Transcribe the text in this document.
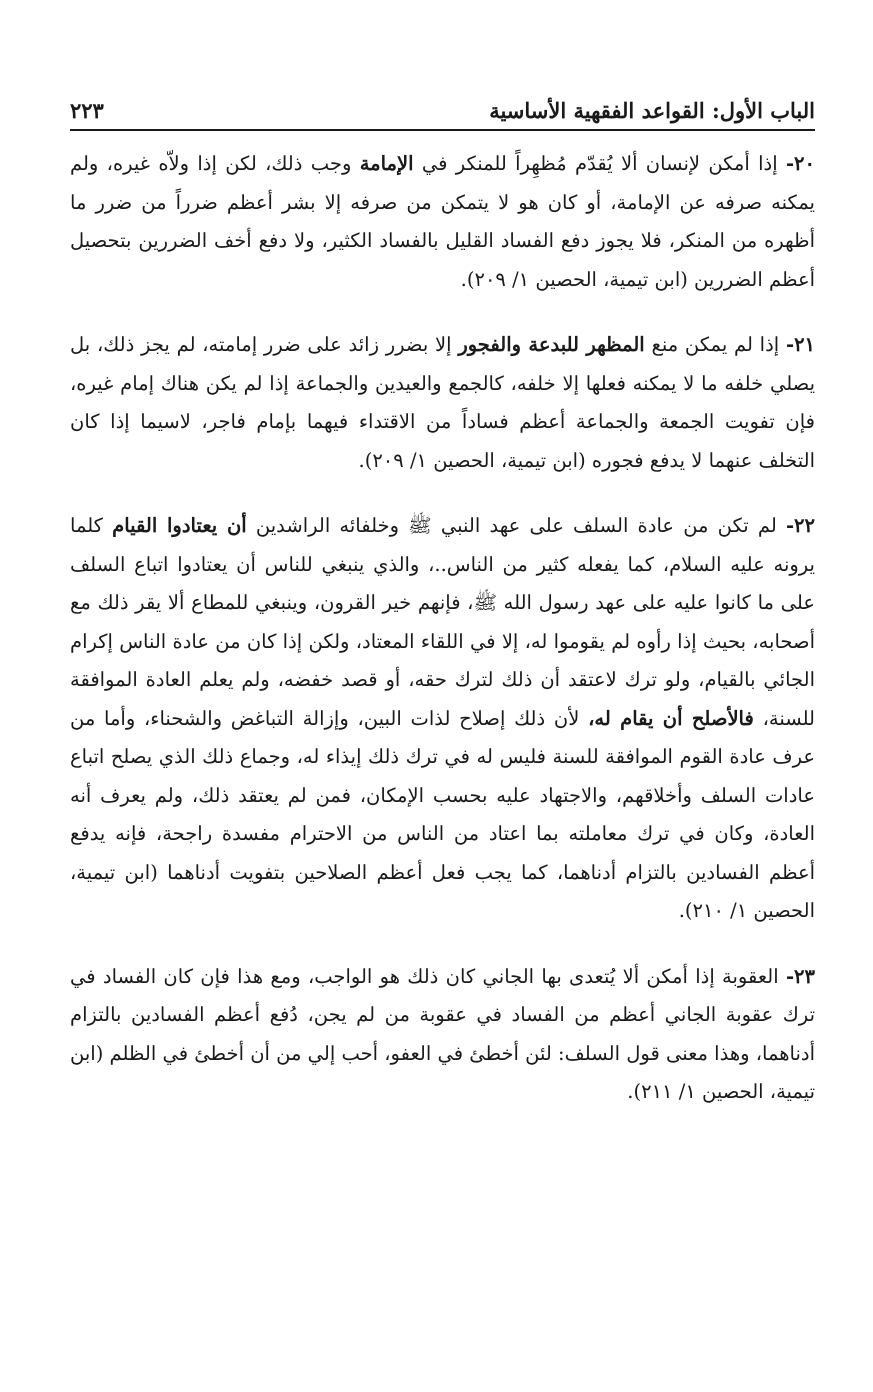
الباب الأول: القواعد الفقهية الأساسية
٢٢٣

٢٠- إذا أمكن لإنسان ألا يُقدّم مُظهِراً للمنكر في الإمامة وجب ذلك، لكن إذا ولاّه غيره، ولم يمكنه صرفه عن الإمامة، أو كان هو لا يتمكن من صرفه إلا بشر أعظم ضرراً من ضرر ما أظهره من المنكر، فلا يجوز دفع الفساد القليل بالفساد الكثير، ولا دفع أخف الضررين بتحصيل أعظم الضررين (ابن تيمية، الحصين ١/ ٢٠٩).

٢١- إذا لم يمكن منع المظهر للبدعة والفجور إلا بضرر زائد على ضرر إمامته، لم يجز ذلك، بل يصلي خلفه ما لا يمكنه فعلها إلا خلفه، كالجمع والعيدين والجماعة إذا لم يكن هناك إمام غيره، فإن تفويت الجمعة والجماعة أعظم فساداً من الاقتداء فيهما بإمام فاجر، لاسيما إذا كان التخلف عنهما لا يدفع فجوره (ابن تيمية، الحصين ١/ ٢٠٩).

٢٢- لم تكن من عادة السلف على عهد النبي ﷺ وخلفائه الراشدين أن يعتادوا القيام كلما يرونه عليه السلام، كما يفعله كثير من الناس..، والذي ينبغي للناس أن يعتادوا اتباع السلف على ما كانوا عليه على عهد رسول الله ﷺ، فإنهم خير القرون، وينبغي للمطاع ألا يقر ذلك مع أصحابه، بحيث إذا رأوه لم يقوموا له، إلا في اللقاء المعتاد، ولكن إذا كان من عادة الناس إكرام الجائي بالقيام، ولو ترك لاعتقد أن ذلك لترك حقه، أو قصد خفضه، ولم يعلم العادة الموافقة للسنة، فالأصلح أن يقام له، لأن ذلك إصلاح لذات البين، وإزالة التباغض والشحناء، وأما من عرف عادة القوم الموافقة للسنة فليس له في ترك ذلك إيذاء له، وجماع ذلك الذي يصلح اتباع عادات السلف وأخلاقهم، والاجتهاد عليه بحسب الإمكان، فمن لم يعتقد ذلك، ولم يعرف أنه العادة، وكان في ترك معاملته بما اعتاد من الناس من الاحترام مفسدة راجحة، فإنه يدفع أعظم الفسادين بالتزام أدناهما، كما يجب فعل أعظم الصلاحين بتفويت أدناهما (ابن تيمية، الحصين ١/ ٢١٠).

٢٣- العقوبة إذا أمكن ألا يُتعدى بها الجاني كان ذلك هو الواجب، ومع هذا فإن كان الفساد في ترك عقوبة الجاني أعظم من الفساد في عقوبة من لم يجن، دُفع أعظم الفسادين بالتزام أدناهما، وهذا معنى قول السلف: لئن أخطئ في العفو، أحب إلي من أن أخطئ في الظلم (ابن تيمية، الحصين ١/ ٢١١).
